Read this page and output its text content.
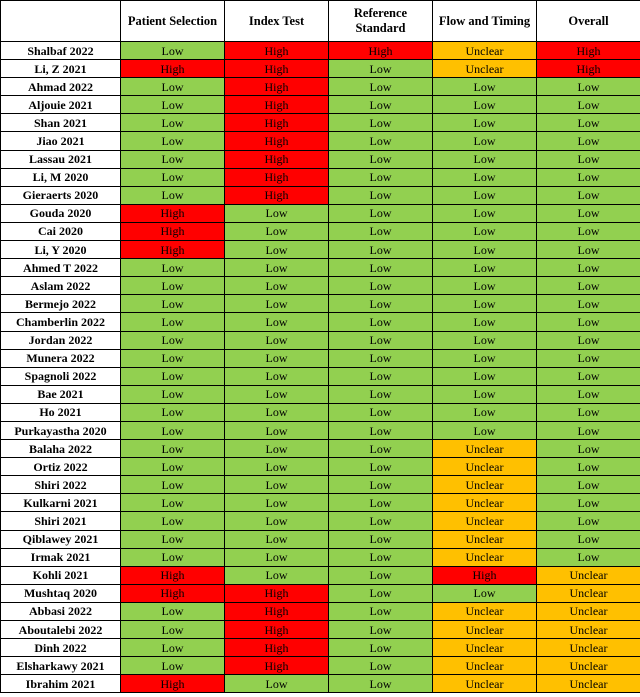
	Patient Selection	Index Test	Reference Standard	Flow and Timing	Overall
Shalbaf 2022	Low	High	High	Unclear	High
Li, Z 2021	High	High	Low	Unclear	High
Ahmad 2022	Low	High	Low	Low	Low
Aljouie 2021	Low	High	Low	Low	Low
Shan 2021	Low	High	Low	Low	Low
Jiao 2021	Low	High	Low	Low	Low
Lassau 2021	Low	High	Low	Low	Low
Li, M 2020	Low	High	Low	Low	Low
Gieraerts 2020	Low	High	Low	Low	Low
Gouda 2020	High	Low	Low	Low	Low
Cai 2020	High	Low	Low	Low	Low
Li, Y 2020	High	Low	Low	Low	Low
Ahmed T 2022	Low	Low	Low	Low	Low
Aslam 2022	Low	Low	Low	Low	Low
Bermejo 2022	Low	Low	Low	Low	Low
Chamberlin 2022	Low	Low	Low	Low	Low
Jordan 2022	Low	Low	Low	Low	Low
Munera 2022	Low	Low	Low	Low	Low
Spagnoli 2022	Low	Low	Low	Low	Low
Bae 2021	Low	Low	Low	Low	Low
Ho 2021	Low	Low	Low	Low	Low
Purkayastha 2020	Low	Low	Low	Low	Low
Balaha 2022	Low	Low	Low	Unclear	Low
Ortiz 2022	Low	Low	Low	Unclear	Low
Shiri 2022	Low	Low	Low	Unclear	Low
Kulkarni 2021	Low	Low	Low	Unclear	Low
Shiri 2021	Low	Low	Low	Unclear	Low
Qiblawey 2021	Low	Low	Low	Unclear	Low
Irmak 2021	Low	Low	Low	Unclear	Low
Kohli 2021	High	Low	Low	High	Unclear
Mushtaq 2020	High	High	Low	Low	Unclear
Abbasi 2022	Low	High	Low	Unclear	Unclear
Aboutalebi 2022	Low	High	Low	Unclear	Unclear
Dinh 2022	Low	High	Low	Unclear	Unclear
Elsharkawy 2021	Low	High	Low	Unclear	Unclear
Ibrahim 2021	High	Low	Low	Unclear	Unclear
